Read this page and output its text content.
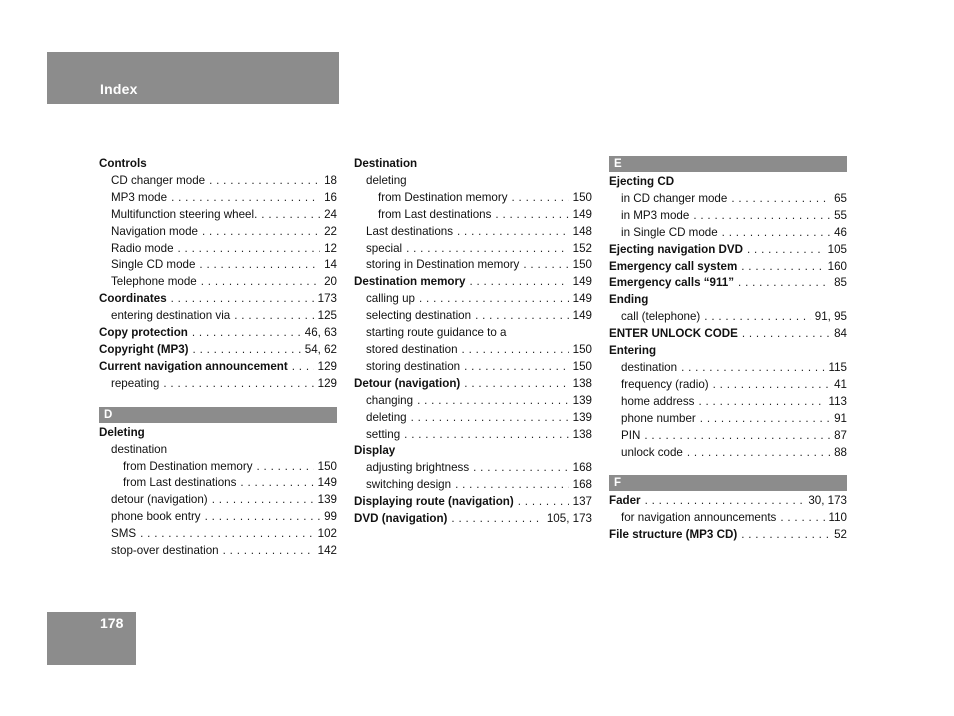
Index
Controls
CD changer mode . . .	18
MP3 mode . . .	16
Multifunction steering wheel. . . .	24
Navigation mode . . .	22
Radio mode . . .	12
Single CD mode . . .	14
Telephone mode . . .	20
Coordinates . . .	173
entering destination via . . .	125
Copy protection . . .	46, 63
Copyright (MP3) . . .	54, 62
Current navigation announcement . . .	129
repeating . . .	129
D
Deleting
destination
from Destination memory . . .	150
from Last destinations . . .	149
detour (navigation) . . .	139
phone book entry . . .	99
SMS . . .	102
stop-over destination . . .	142
Destination
deleting
from Destination memory . . .	150
from Last destinations . . .	149
Last destinations . . .	148
special . . .	152
storing in Destination memory . . .	150
Destination memory . . .	149
calling up . . .	149
selecting destination . . .	149
starting route guidance to a
stored destination . . .	150
storing destination . . .	150
Detour (navigation) . . .	138
changing . . .	139
deleting . . .	139
setting . . .	138
Display
adjusting brightness . . .	168
switching design . . .	168
Displaying route (navigation) . . .	137
DVD (navigation) . . .	105, 173
E
Ejecting CD
in CD changer mode . . .	65
in MP3 mode . . .	55
in Single CD mode . . .	46
Ejecting navigation DVD . . .	105
Emergency call system . . .	160
Emergency calls “911” . . .	85
Ending
call (telephone) . . .	91, 95
ENTER UNLOCK CODE . . .	84
Entering
destination . . .	115
frequency (radio) . . .	41
home address . . .	113
phone number . . .	91
PIN . . .	87
unlock code . . .	88
F
Fader . . .	30, 173
for navigation announcements . . .	110
File structure (MP3 CD) . . .	52
178
